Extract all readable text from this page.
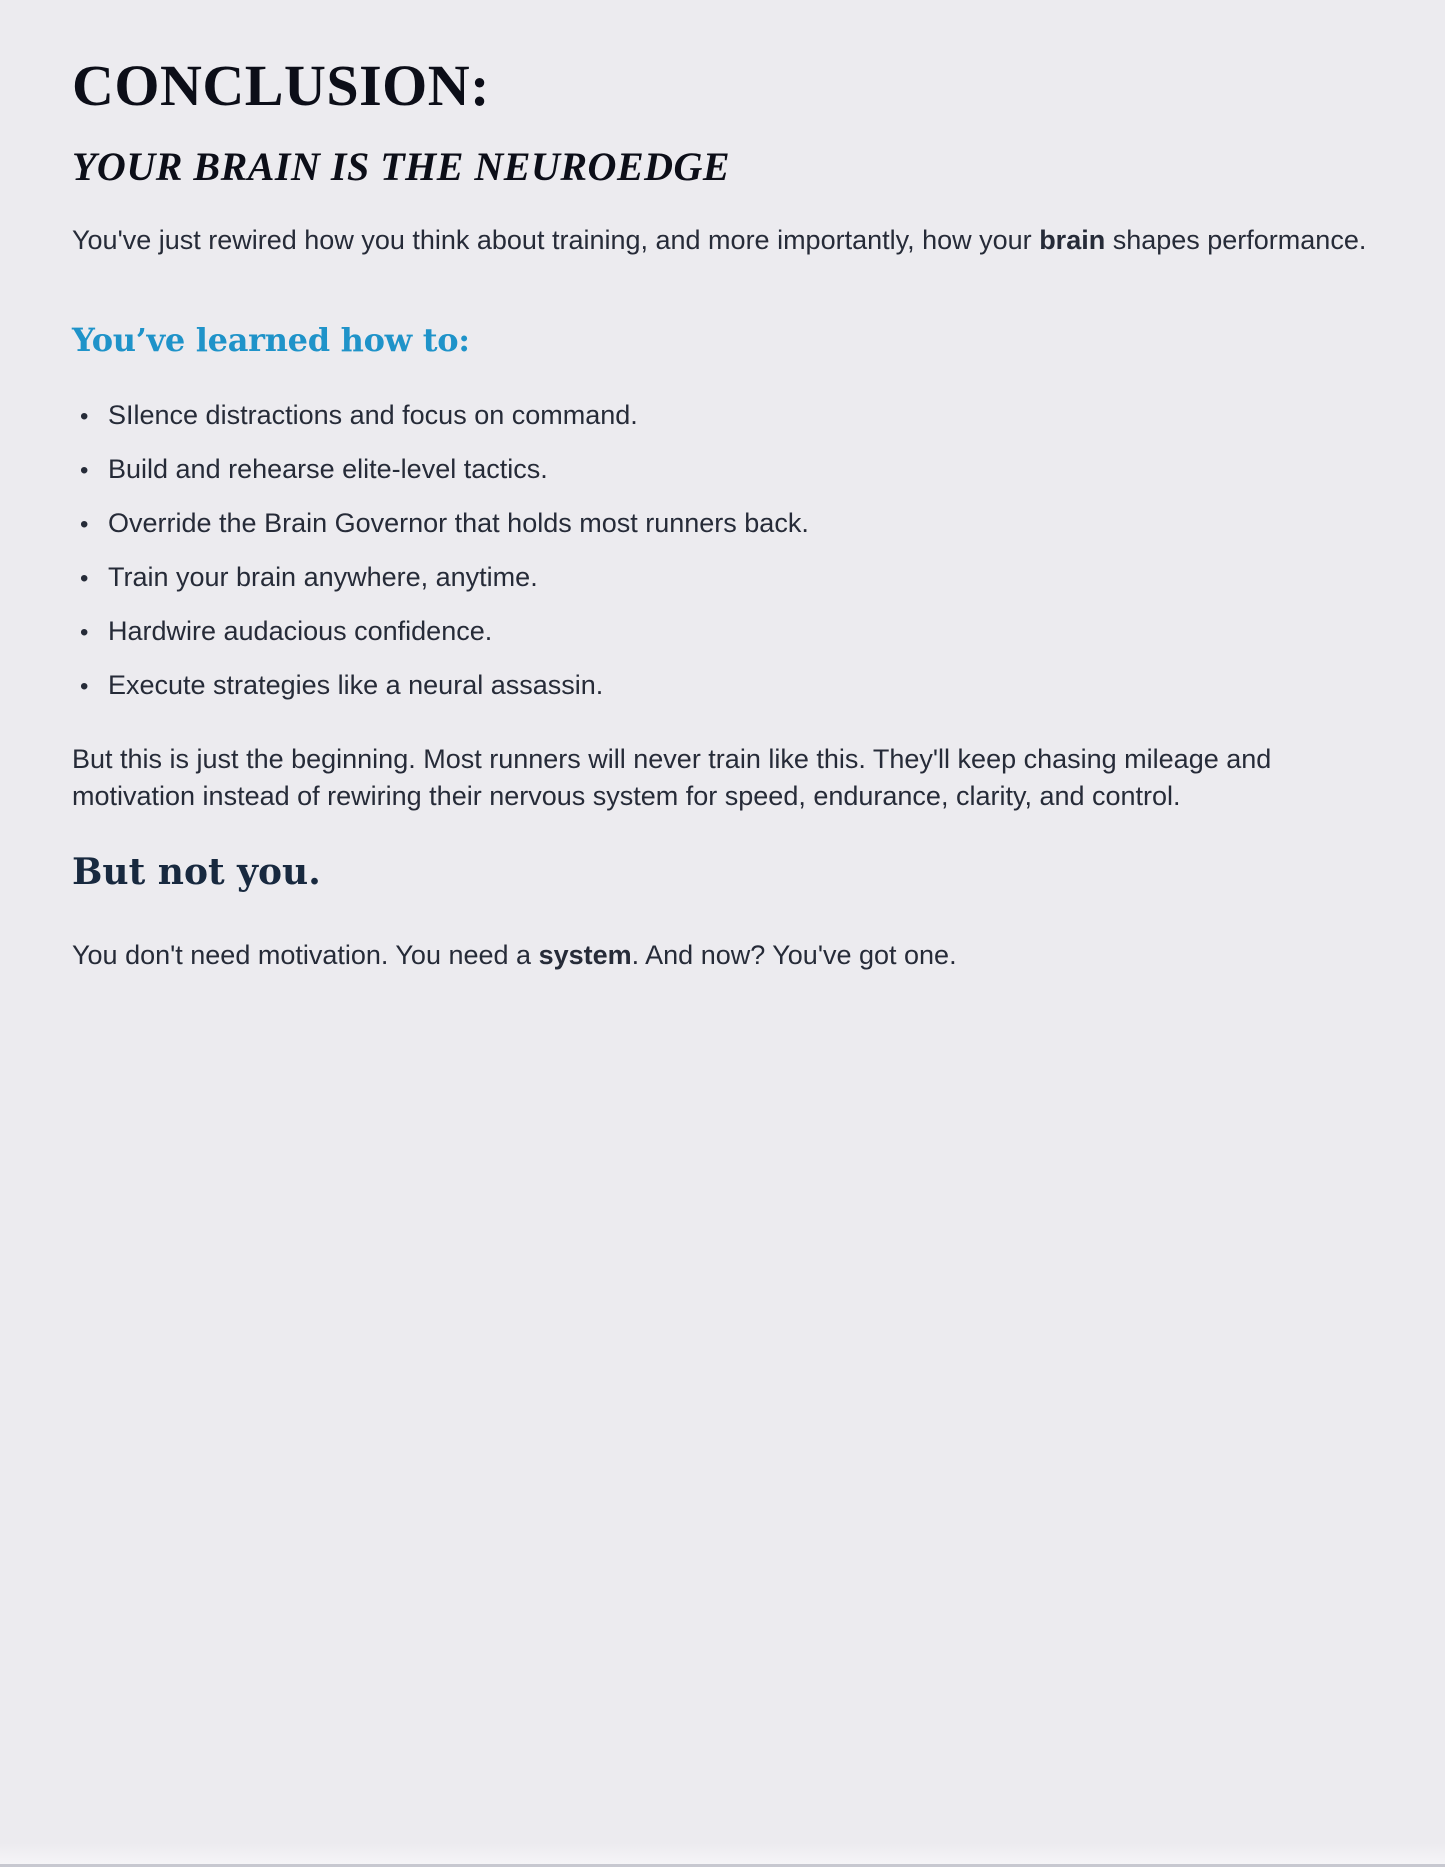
CONCLUSION:
YOUR BRAIN IS THE NEUROEDGE

You've just rewired how you think about training, and more importantly, how your brain shapes performance.

You’ve learned how to:
• SIlence distractions and focus on command.
• Build and rehearse elite-level tactics.
• Override the Brain Governor that holds most runners back.
• Train your brain anywhere, anytime.
• Hardwire audacious confidence.
• Execute strategies like a neural assassin.

But this is just the beginning. Most runners will never train like this. They'll keep chasing mileage and motivation instead of rewiring their nervous system for speed, endurance, clarity, and control.

But not you.

You don't need motivation. You need a system. And now? You've got one.
